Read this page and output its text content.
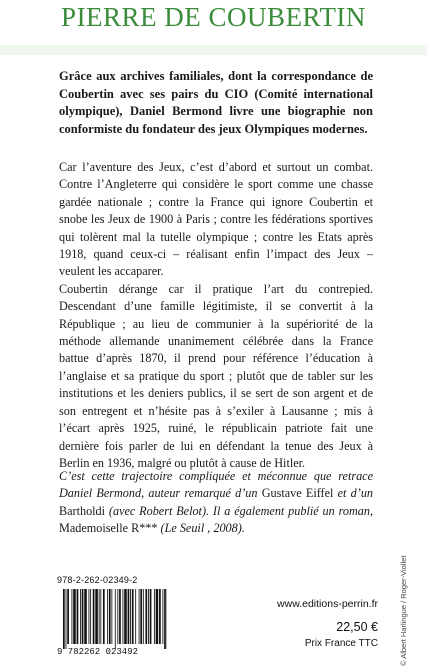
PIERRE DE COUBERTIN

Grâce aux archives familiales, dont la correspondance de Coubertin avec ses pairs du CIO (Comité international olympique), Daniel Bermond livre une biographie non conformiste du fondateur des jeux Olympiques modernes.

Car l’aventure des Jeux, c’est d’abord et surtout un combat. Contre l’Angleterre qui considère le sport comme une chasse gardée nationale ; contre la France qui ignore Coubertin et snobe les Jeux de 1900 à Paris ; contre les fédérations sportives qui tolèrent mal la tutelle olympique ; contre les Etats après 1918, quand ceux-ci – réalisant enfin l’impact des Jeux – veulent les accaparer.

Coubertin dérange car il pratique l’art du contrepied. Descendant d’une famille légitimiste, il se convertit à la République ; au lieu de communier à la supériorité de la méthode allemande unanimement célébrée dans la France battue d’après 1870, il prend pour référence l’éducation à l’anglaise et sa pratique du sport ; plutôt que de tabler sur les institutions et les deniers publics, il se sert de son argent et de son entregent et n’hésite pas à s’exiler à Lausanne ; mis à l’écart après 1925, ruiné, le républicain patriote fait une dernière fois parler de lui en défendant la tenue des Jeux à Berlin en 1936, malgré ou plutôt à cause de Hitler.

C’est cette trajectoire compliquée et méconnue que retrace Daniel Bermond, auteur remarqué d’un Gustave Eiffel et d’un Bartholdi (avec Robert Belot). Il a également publié un roman, Mademoiselle R*** (Le Seuil , 2008).

978-2-262-02349-2
9 782262 023492
www.editions-perrin.fr
22,50 €
Prix France TTC	© Albert Harlingue / Roger-Viollet
